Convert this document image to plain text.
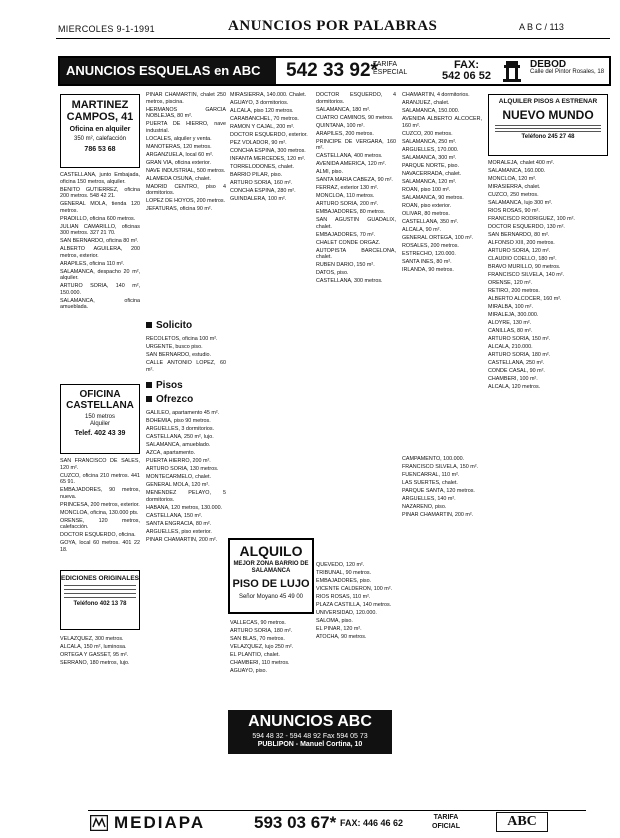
MIERCOLES 9-1-1991	ANUNCIOS POR PALABRAS	A B C / 113
ANUNCIOS ESQUELAS en ABC	542 33 92*
TARIFA ESPECIAL
FAX:
542 06 52
DEBOD
Calle del Pintor Rosales, 18
MARTINEZ CAMPOS, 41
Oficina en alquiler
350 m², calefacción
786 53 68

CASTELLANA, junto Embajada, oficina 150 metros, alquiler.

BENITO GUTIERREZ, oficina 200 metros. 548 42 21.

GENERAL MOLA, tienda 120 metros.

PRADILLO, oficina 600 metros.

JULIAN CAMARILLO, oficinas 300 metros. 327 21 70.

SAN BERNARDO, oficina 80 m².

ALBERTO AGUILERA, 200 metros, exterior.

ARAPILES, oficina 110 m².

SALAMANCA, despacho 20 m², alquiler.

ARTURO SORIA, 140 m², 150.000.

SALAMANCA, oficina amueblada.

OFICINA CASTELLANA
150 metros
Alquiler
Telef. 402 43 39

SAN FRANCISCO DE SALES, 120 m².

CUZCO, oficina 210 metros. 441 65 91.

EMBAJADORES, 90 metros, nueva.

PRINCESA, 200 metros, exterior.

MONCLOA, oficina, 130.000 pts.

ORENSE, 120 metros, calefacción.

DOCTOR ESQUERDO, oficina.

GOYA, local 60 metros. 401 22 18.

EDICIONES ORIGINALES
Teléfono 402 13 78

VELAZQUEZ, 300 metros.

ALCALA, 150 m², luminosa.

ORTEGA Y GASSET, 95 m².

SERRANO, 180 metros, lujo.

PINAR CHAMARTIN, chalet 250 metros, piscina.

HERMANOS GARCIA NOBLEJAS, 80 m².

PUERTA DE HIERRO, nave industrial.

LOCALES, alquiler y venta.

MANOTERAS, 120 metros.

ARGANZUELA, local 60 m².

GRAN VIA, oficina exterior.

NAVE INDUSTRIAL, 500 metros.

ALAMEDA OSUNA, chalet.

MADRID CENTRO, piso 4 dormitorios.

LOPEZ DE HOYOS, 200 metros.

JEFATURAS, oficina 90 m².

Solicito

RECOLETOS, oficina 100 m².

URGENTE, busco piso.

SAN BERNARDO, estudio.

CALLE ANTONIO LOPEZ, 60 m².

Pisos
Ofrezco

GALILEO, apartamento 45 m².

BOHEMIA, piso 90 metros.

ARGUELLES, 3 dormitorios.

CASTELLANA, 250 m², lujo.

SALAMANCA, amueblado.

AZCA, apartamento.

PUERTA HIERRO, 200 m².

ARTURO SORIA, 130 metros.

MONTECARMELO, chalet.

GENERAL MOLA, 120 m².

MENENDEZ PELAYO, 5 dormitorios.

HABANA, 120 metros, 130.000.

CASTELLANA, 150 m².

SANTA ENGRACIA, 80 m².

ARGUELLES, piso exterior.

PINAR CHAMARTIN, 200 m².

MIRASIERRA, 140.000. Chalet.

AGUAYO, 3 dormitorios.

ALCALA, piso 120 metros.

CARABANCHEL, 70 metros.

RAMON Y CAJAL, 200 m².

DOCTOR ESQUERDO, exterior.

PEZ VOLADOR, 90 m².

CONCHA ESPINA, 300 metros.

INFANTA MERCEDES, 120 m².

TORRELODONES, chalet.

BARRIO PILAR, piso.

ARTURO SORIA, 160 m².

CONCHA ESPINA, 280 m².

GUINDALERA, 100 m².

ALQUILO
MEJOR ZONA BARRIO DE SALAMANCA
PISO DE LUJO
Señor Moyano 45 49 00

VALLECAS, 90 metros.

ARTURO SORIA, 180 m².

SAN BLAS, 70 metros.

VELAZQUEZ, lujo 250 m².

EL PLANTIO, chalet.

CHAMBERI, 110 metros.

AGUAYO, piso.

DOCTOR ESQUERDO, 4 dormitorios.

SALAMANCA, 180 m².

CUATRO CAMINOS, 90 metros.

QUINTANA, 100 m².

ARAPILES, 200 metros.

PRINCIPE DE VERGARA, 160 m².

CASTELLANA, 400 metros.

AVENIDA AMERICA, 120 m².

ALMI, piso.

SANTA MARIA CABEZA, 90 m².

FERRAZ, exterior 130 m².

MONCLOA, 110 metros.

ARTURO SORIA, 200 m².

EMBAJADORES, 80 metros.

SAN AGUSTIN GUADALIX, chalet.

EMBAJADORES, 70 m².

CHALET CONDE ORGAZ.

AUTOPISTA BARCELONA, chalet.

RUBEN DARIO, 150 m².

DATOS, piso.

CASTELLANA, 300 metros.

QUEVEDO, 120 m².

TRIBUNAL, 90 metros.

EMBAJADORES, piso.

VICENTE CALDERON, 100 m².

RIOS ROSAS, 110 m².

PLAZA CASTILLA, 140 metros.

UNIVERSIDAD, 120.000.

SALOMA, piso.

EL PINAR, 120 m².

ATOCHA, 90 metros.

ANUNCIOS ABC
594 48 32 - 594 48 92 Fax 594 05 73
PUBLIPON - Manuel Cortina, 10

CHAMARTIN, 4 dormitorios.

ARANJUEZ, chalet.

SALAMANCA, 150.000.

AVENIDA ALBERTO ALCOCER, 160 m².

CUZCO, 200 metros.

SALAMANCA, 250 m².

ARGUELLES, 170.000.

SALAMANCA, 300 m².

PARQUE NORTE, piso.

NAVACERRADA, chalet.

SALAMANCA, 120 m².

ROAN, piso 100 m².

SALAMANCA, 90 metros.

ROAN, piso exterior.

OLIVAR, 80 metros.

CASTELLANA, 350 m².

ALCALA, 90 m².

GENERAL ORTEGA, 100 m².

ROSALES, 200 metros.

ESTRECHO, 120.000.

SANTA INES, 80 m².

IRLANDA, 90 metros.

CAMPAMENTO, 100.000.

FRANCISCO SILVELA, 150 m².

FUENCARRAL, 110 m².

LAS SUERTES, chalet.

PARQUE SANTA, 120 metros.

ARGUELLES, 140 m².

NAZARENO, piso.

PINAR CHAMARTIN, 200 m².

ALQUILER PISOS A ESTRENAR
NUEVO MUNDO
Teléfono 245 27 48

MORALEJA, chalet 400 m².

SALAMANCA, 160.000.

MONCLOA, 120 m².

MIRASIERRA, chalet.

CUZCO, 250 metros.

SALAMANCA, lujo 300 m².

RIOS ROSAS, 90 m².

FRANCISCO RODRIGUEZ, 100 m².

DOCTOR ESQUERDO, 130 m².

SAN BERNARDO, 80 m².

ALFONSO XIII, 200 metros.

ARTURO SORIA, 120 m².

CLAUDIO COELLO, 180 m².

BRAVO MURILLO, 90 metros.

FRANCISCO SILVELA, 140 m².

ORENSE, 120 m².

RETIRO, 200 metros.

ALBERTO ALCOCER, 160 m².

MIRALBA, 100 m².

MIRALEJA, 300.000.

ALOYRE, 130 m².

CANILLAS, 80 m².

ARTURO SORIA, 150 m².

ALCALA, 210.000.

ARTURO SORIA, 180 m².

CASTELLANA, 250 m².

CONDE CASAL, 90 m².

CHAMBERI, 100 m².

ALCALA, 120 metros.

MEDIAPA	593 03 67* FAX: 446 46 62
TARIFA OFICIAL	ABC
